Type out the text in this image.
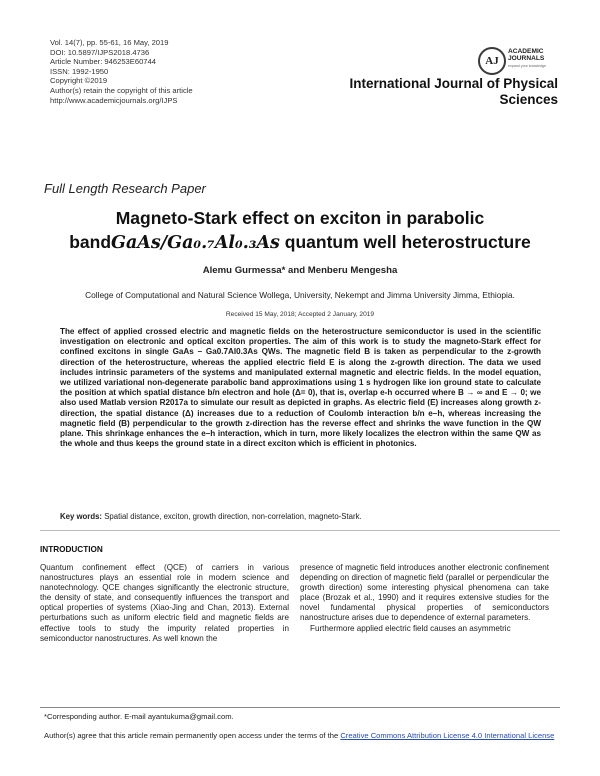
Vol. 14(7), pp. 55-61, 16 May, 2019
DOI: 10.5897/IJPS2018.4736
Article Number: 946253E60744
ISSN: 1992-1950
Copyright ©2019
Author(s) retain the copyright of this article
http://www.academicjournals.org/IJPS
AJ
ACADEMIC
JOURNALS
expand your knowledge
International Journal of Physical
Sciences
Full Length Research Paper
Magneto-Stark effect on exciton in parabolic
bandGaAs/Ga₀.₇Al₀.₃As quantum well heterostructure
Alemu Gurmessa* and Menberu Mengesha
College of Computational and Natural Science Wollega, University, Nekempt and Jimma University Jimma, Ethiopia.
Received 15 May, 2018; Accepted 2 January, 2019
The effect of applied crossed electric and magnetic fields on the heterostructure semiconductor is used in the scientific investigation on electronic and optical exciton properties. The aim of this work is to study the magneto-Stark effect for confined excitons in single GaAs – Ga0.7Al0.3As QWs. The magnetic field B is taken as perpendicular to the z-growth direction of the heterostructure, whereas the applied electric field E is along the z-growth direction. The data we used includes intrinsic parameters of the systems and manipulated external magnetic and electric fields. In the model equation, we utilized variational non-degenerate parabolic band approximations using 1 s hydrogen like ion ground state to calculate the position at which spatial distance b/n electron and hole (Δ= 0), that is, overlap e-h occurred where B → ∞ and E → 0; we also used Matlab version R2017a to simulate our result as depicted in graphs. As electric field (E) increases along growth z-direction, the spatial distance (Δ) increases due to a reduction of Coulomb interaction b/n e–h, whereas increasing the magnetic field (B) perpendicular to the growth z-direction has the reverse effect and shrinks the wave function in the QW plane. This shrinkage enhances the e–h interaction, which in turn, more likely localizes the electron within the same QW as the whole and thus keeps the ground state in a direct exciton which is efficient in photonics.
Key words: Spatial distance, exciton, growth direction, non-correlation, magneto-Stark.
INTRODUCTION
Quantum confinement effect (QCE) of carriers in various nanostructures plays an essential role in modern science and nanotechnology. QCE changes significantly the electronic structure, the density of state, and consequently influences the transport and optical properties of systems (Xiao-Jing and Chan, 2013). External perturbations such as uniform electric field and magnetic fields are effective tools to study the impurity related properties in semiconductor nanostructures. As well known the
presence of magnetic field introduces another electronic confinement depending on direction of magnetic field (parallel or perpendicular the growth direction) some interesting physical phenomena can take place (Brozak et al., 1990) and it requires extensive studies for the novel fundamental physical properties of semiconductors nanostructure arises due to dependence of external parameters.
Furthermore applied electric field causes an asymmetric
*Corresponding author. E-mail ayantukuma@gmail.com.
Author(s) agree that this article remain permanently open access under the terms of the Creative Commons Attribution License 4.0 International License
